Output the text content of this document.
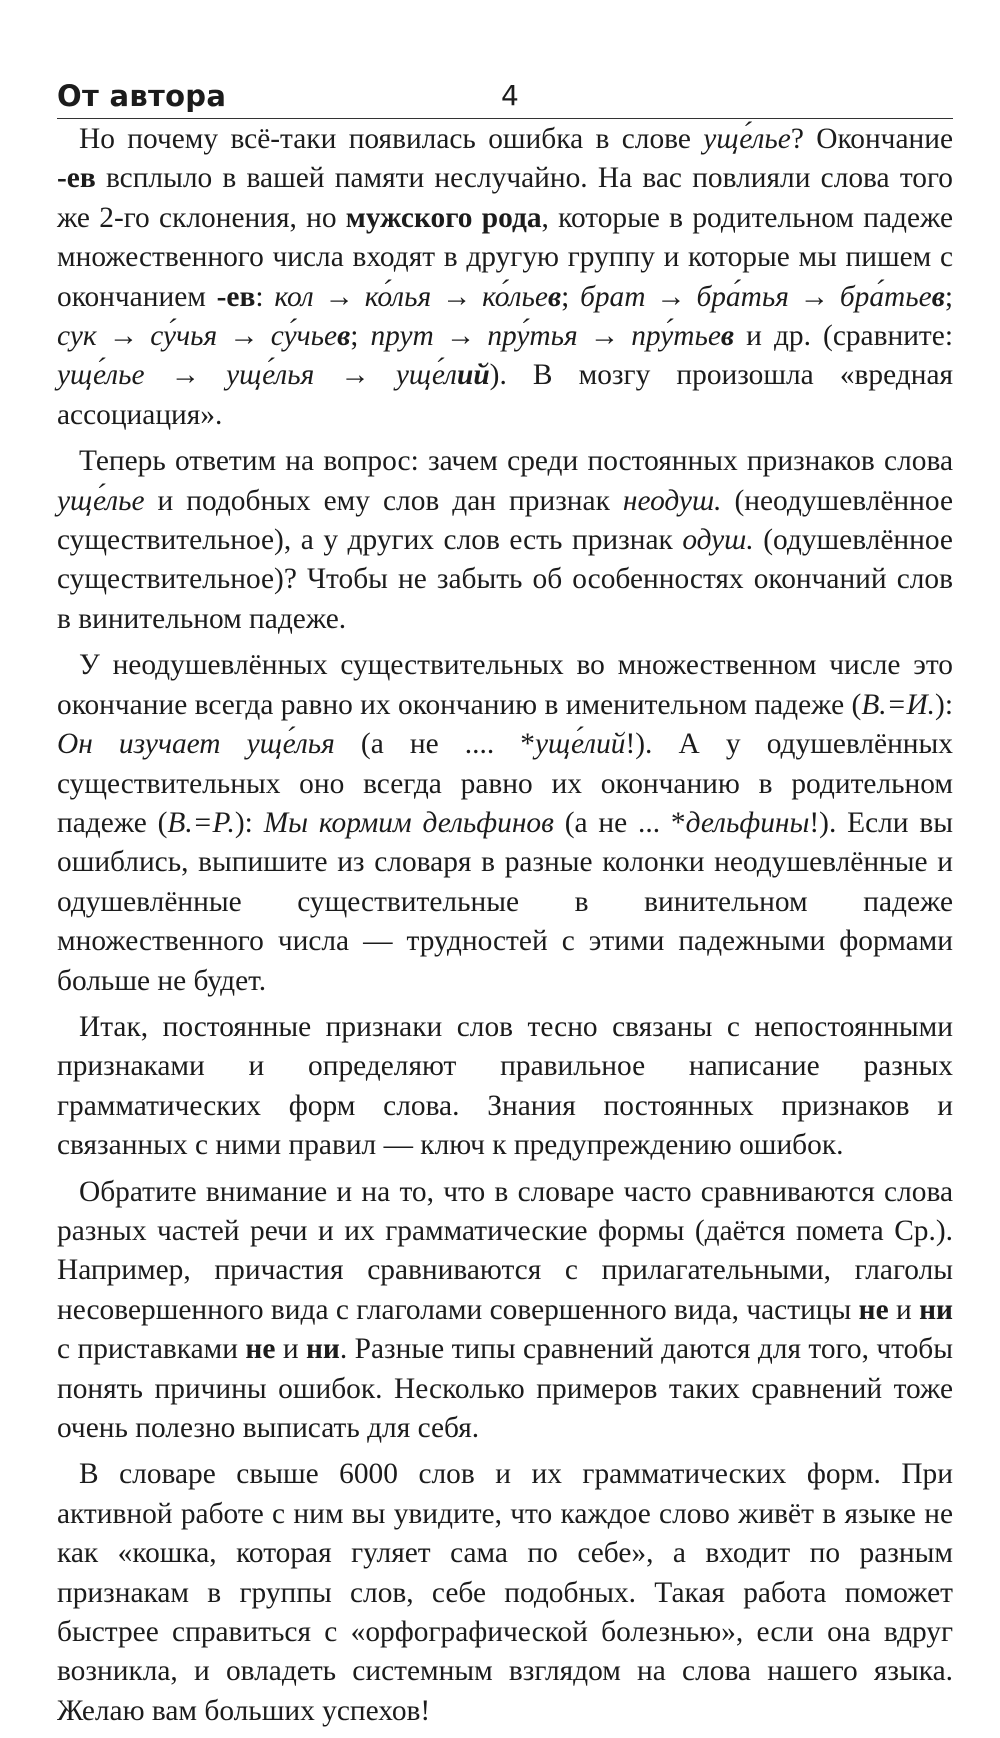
От автора	4

Но почему всё-таки появилась ошибка в слове уще́лье? Окончание -ев всплыло в вашей памяти неслучайно. На вас повлияли слова того же 2-го склонения, но мужского рода, которые в родительном падеже множественного числа входят в другую группу и которые мы пишем с окончанием -ев: кол → ко́лья → ко́льев; брат → бра́тья → бра́тьев; сук → су́чья → су́чьев; прут → пру́тья → пру́тьев и др. (сравните: уще́лье → уще́лья → уще́лий). В мозгу произошла «вредная ассоциация».

Теперь ответим на вопрос: зачем среди постоянных признаков слова уще́лье и подобных ему слов дан признак неодуш. (неодушевлённое существительное), а у других слов есть признак одуш. (одушевлённое существительное)? Чтобы не забыть об особенностях окончаний слов в винительном падеже.

У неодушевлённых существительных во множественном числе это окончание всегда равно их окончанию в именительном падеже (В.=И.): Он изучает уще́лья (а не .... *уще́лий!). А у одушевлённых существительных оно всегда равно их окончанию в родительном падеже (В.=Р.): Мы кормим дельфинов (а не ... *дельфины!). Если вы ошиблись, выпишите из словаря в разные колонки неодушевлённые и одушевлённые существительные в винительном падеже множественного числа — трудностей с этими падежными формами больше не будет.

Итак, постоянные признаки слов тесно связаны с непостоянными признаками и определяют правильное написание разных грамматических форм слова. Знания постоянных признаков и связанных с ними правил — ключ к предупреждению ошибок.

Обратите внимание и на то, что в словаре часто сравниваются слова разных частей речи и их грамматические формы (даётся помета Ср.). Например, причастия сравниваются с прилагательными, глаголы несовершенного вида с глаголами совершенного вида, частицы не и ни с приставками не и ни. Разные типы сравнений даются для того, чтобы понять причины ошибок. Несколько примеров таких сравнений тоже очень полезно выписать для себя.

В словаре свыше 6000 слов и их грамматических форм. При активной работе с ним вы увидите, что каждое слово живёт в языке не как «кошка, которая гуляет сама по себе», а входит по разным признакам в группы слов, себе подобных. Такая работа поможет быстрее справиться с «орфографической болезнью», если она вдруг возникла, и овладеть системным взглядом на слова нашего языка. Желаю вам больших успехов!
